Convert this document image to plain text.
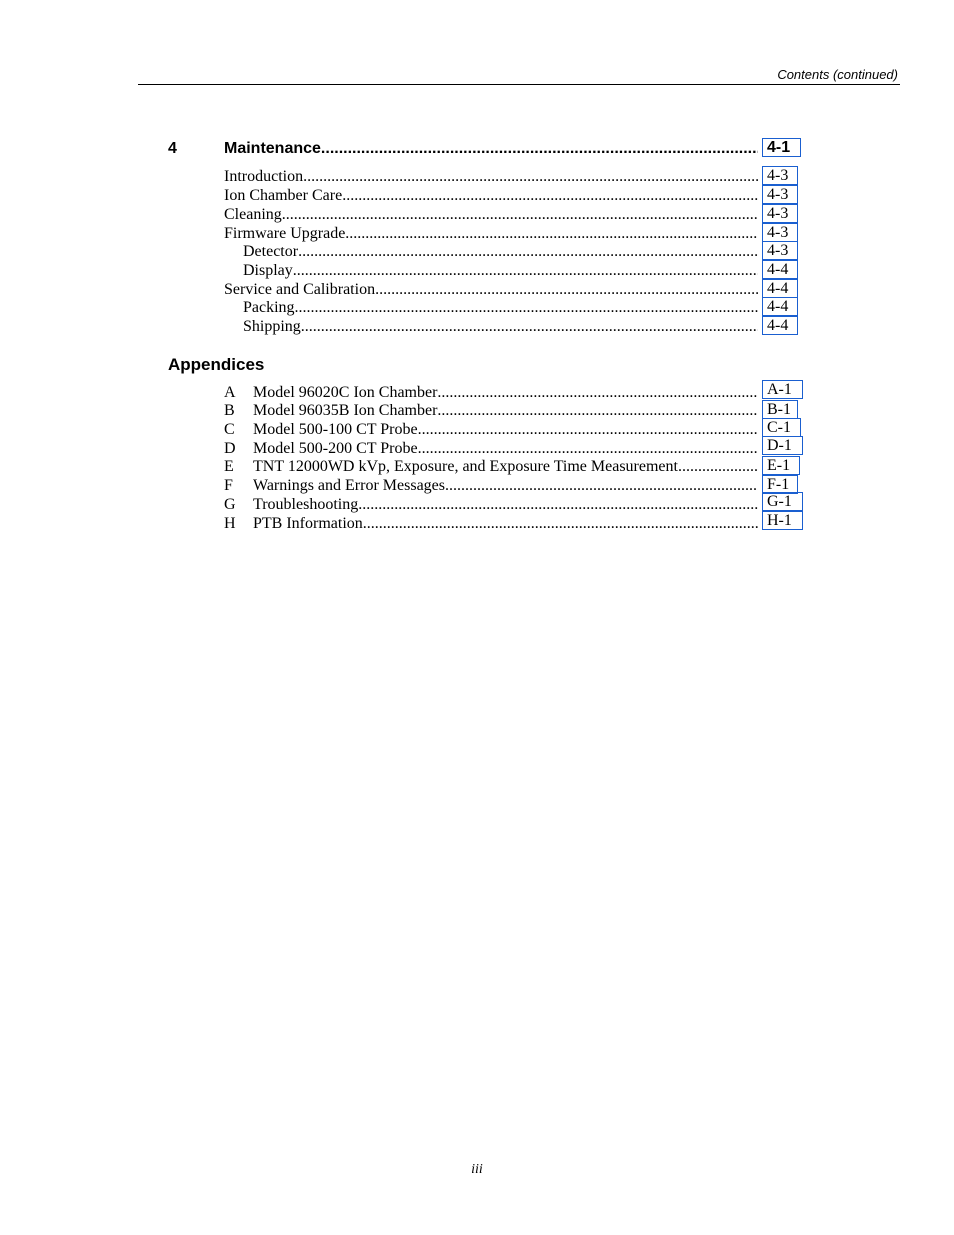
Contents (continued)
4	Maintenance .....	4-1
Introduction .....	4-3
Ion Chamber Care .....	4-3
Cleaning .....	4-3
Firmware Upgrade .....	4-3
Detector .....	4-3
Display .....	4-4
Service and Calibration .....	4-4
Packing .....	4-4
Shipping .....	4-4
Appendices
A Model 96020C Ion Chamber .....	A-1
B Model 96035B Ion Chamber .....	B-1
C Model 500-100 CT Probe .....	C-1
D Model 500-200 CT Probe .....	D-1
E TNT 12000WD kVp, Exposure, and Exposure Time Measurement .....	E-1
F Warnings and Error Messages .....	F-1
G Troubleshooting .....	G-1
H PTB Information .....	H-1
iii
